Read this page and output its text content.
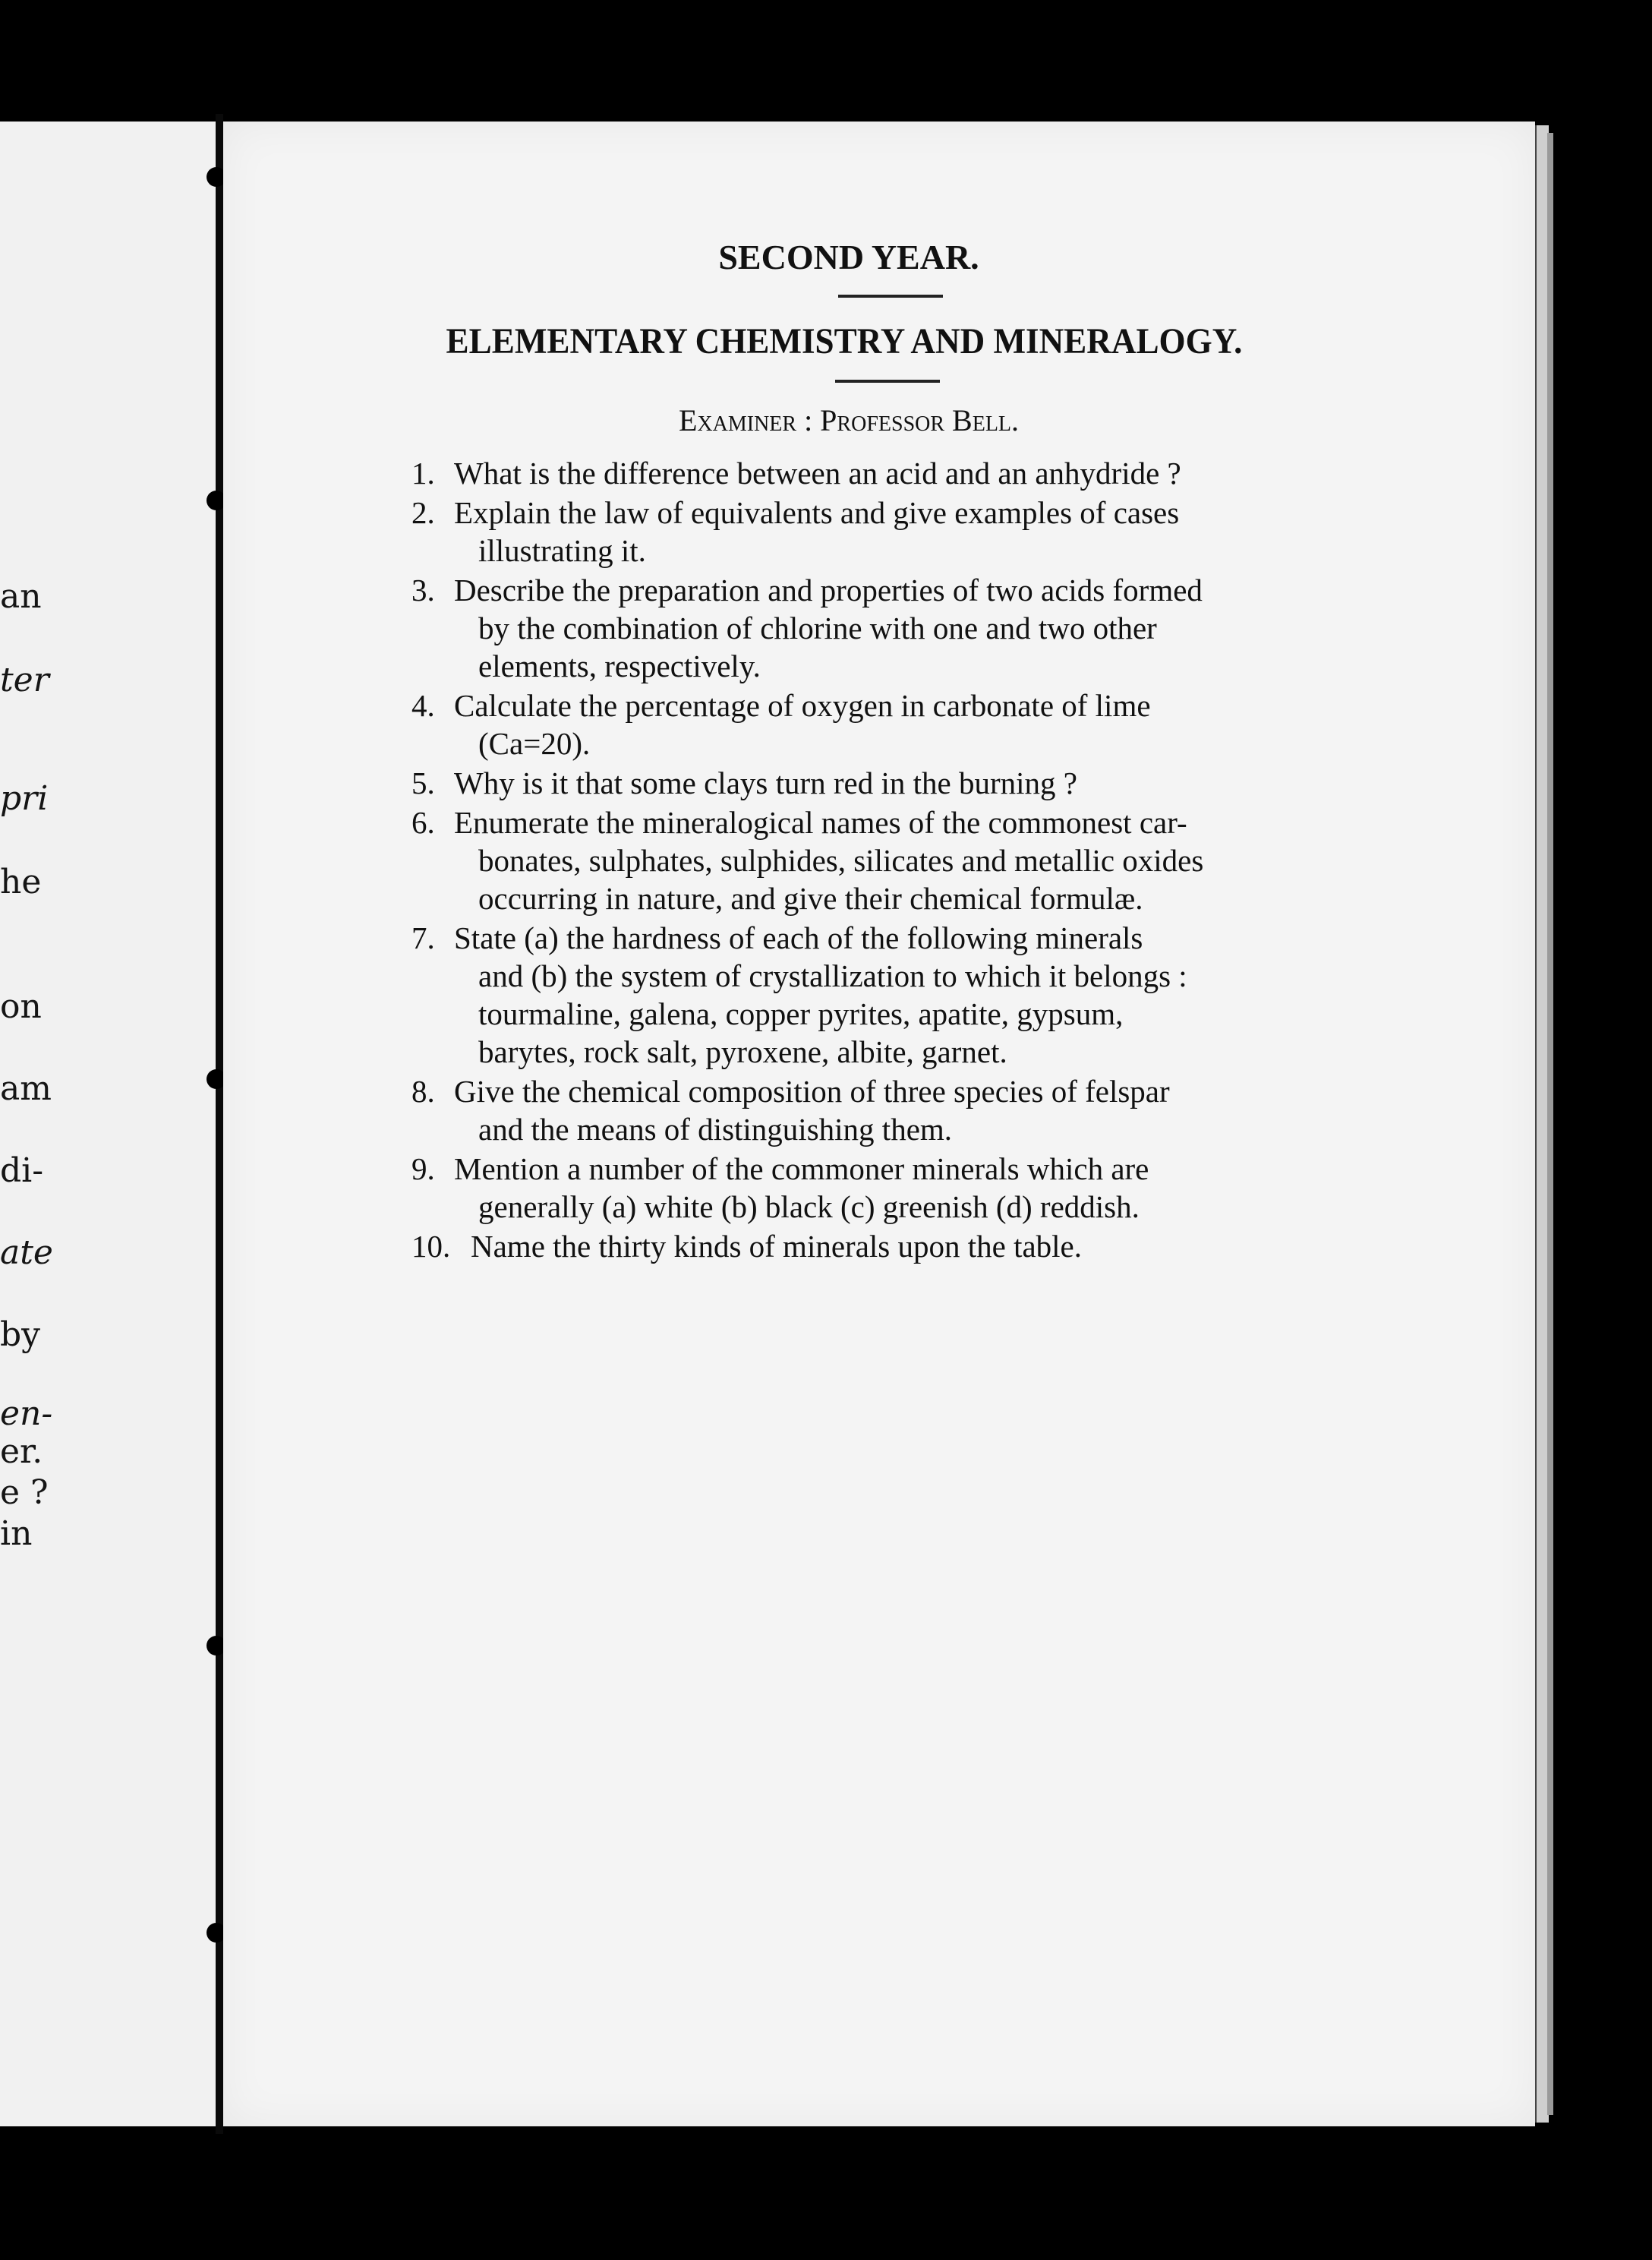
an
ter
pri
he
on
am
di-
ate
by
en-
er.
e ?
in
SECOND YEAR.
ELEMENTARY CHEMISTRY AND MINERALOGY.
Examiner : Professor Bell.
1. What is the difference between an acid and an anhydride ?
2. Explain the law of equivalents and give examples of cases
illustrating it.
3. Describe the preparation and properties of two acids formed
by the combination of chlorine with one and two other
elements, respectively.
4. Calculate the percentage of oxygen in carbonate of lime
(Ca=20).
5. Why is it that some clays turn red in the burning ?
6. Enumerate the mineralogical names of the commonest car-
bonates, sulphates, sulphides, silicates and metallic oxides
occurring in nature, and give their chemical formulæ.
7. State (a) the hardness of each of the following minerals
and (b) the system of crystallization to which it belongs :
tourmaline, galena, copper pyrites, apatite, gypsum,
barytes, rock salt, pyroxene, albite, garnet.
8. Give the chemical composition of three species of felspar
and the means of distinguishing them.
9. Mention a number of the commoner minerals which are
generally (a) white (b) black (c) greenish (d) reddish.
10. Name the thirty kinds of minerals upon the table.
